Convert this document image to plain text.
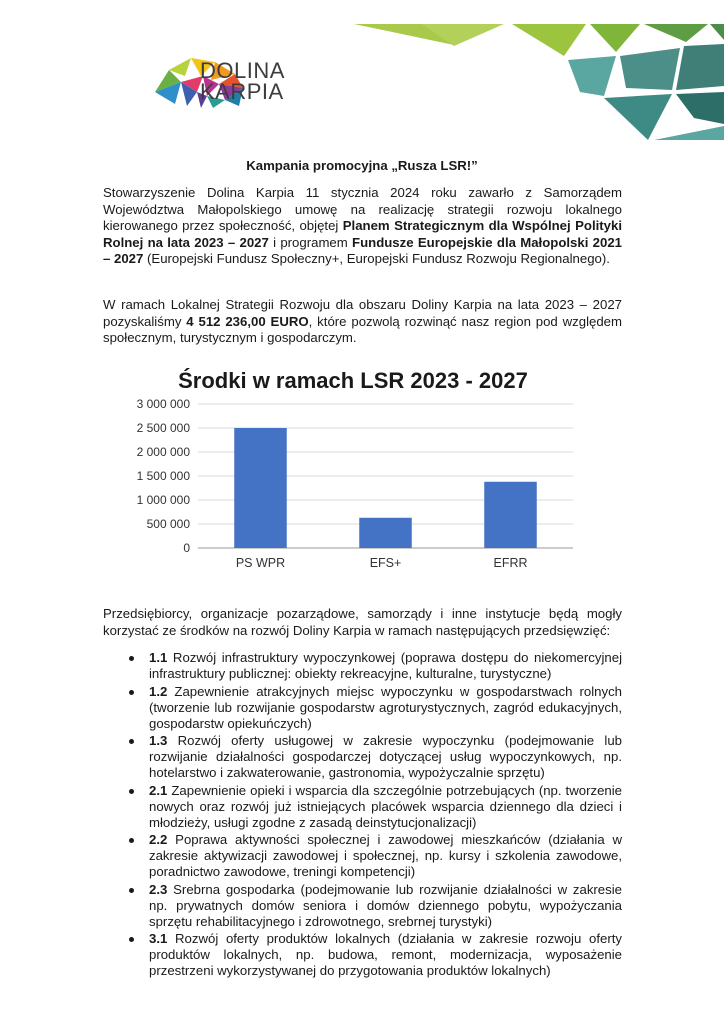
DOLINA
KARPIA
Kampania promocyjna „Rusza LSR!”

Stowarzyszenie Dolina Karpia 11 stycznia 2024 roku zawarło z Samorządem Województwa Małopolskiego umowę na realizację strategii rozwoju lokalnego kierowanego przez społeczność, objętej Planem Strategicznym dla Wspólnej Polityki Rolnej na lata 2023 – 2027 i programem Fundusze Europejskie dla Małopolski 2021 – 2027 (Europejski Fundusz Społeczny+, Europejski Fundusz Rozwoju Regionalnego).

W ramach Lokalnej Strategii Rozwoju dla obszaru Doliny Karpia na lata 2023 – 2027 pozyskaliśmy 4 512 236,00 EURO, które pozwolą rozwinąć nasz region pod względem społecznym, turystycznym i gospodarczym.

Środki w ramach LSR 2023 - 2027
0
500 000
1 000 000
1 500 000
2 000 000
2 500 000
3 000 000
PS WPR	EFS+	EFRR

Przedsiębiorcy, organizacje pozarządowe, samorządy i inne instytucje będą mogły korzystać ze środków na rozwój Doliny Karpia w ramach następujących przedsięwzięć:

1.1 Rozwój infrastruktury wypoczynkowej (poprawa dostępu do niekomercyjnej infrastruktury publicznej: obiekty rekreacyjne, kulturalne, turystyczne)
1.2 Zapewnienie atrakcyjnych miejsc wypoczynku w gospodarstwach rolnych (tworzenie lub rozwijanie gospodarstw agroturystycznych, zagród edukacyjnych, gospodarstw opiekuńczych)
1.3 Rozwój oferty usługowej w zakresie wypoczynku (podejmowanie lub rozwijanie działalności gospodarczej dotyczącej usług wypoczynkowych, np. hotelarstwo i zakwaterowanie, gastronomia, wypożyczalnie sprzętu)
2.1 Zapewnienie opieki i wsparcia dla szczególnie potrzebujących (np. tworzenie nowych oraz rozwój już istniejących placówek wsparcia dziennego dla dzieci i młodzieży, usługi zgodne z zasadą deinstytucjonalizacji)
2.2 Poprawa aktywności społecznej i zawodowej mieszkańców (działania w zakresie aktywizacji zawodowej i społecznej, np. kursy i szkolenia zawodowe, poradnictwo zawodowe, treningi kompetencji)
2.3 Srebrna gospodarka (podejmowanie lub rozwijanie działalności w zakresie np. prywatnych domów seniora i domów dziennego pobytu, wypożyczania sprzętu rehabilitacyjnego i zdrowotnego, srebrnej turystyki)
3.1 Rozwój oferty produktów lokalnych (działania w zakresie rozwoju oferty produktów lokalnych, np. budowa, remont, modernizacja, wyposażenie przestrzeni wykorzystywanej do przygotowania produktów lokalnych)
